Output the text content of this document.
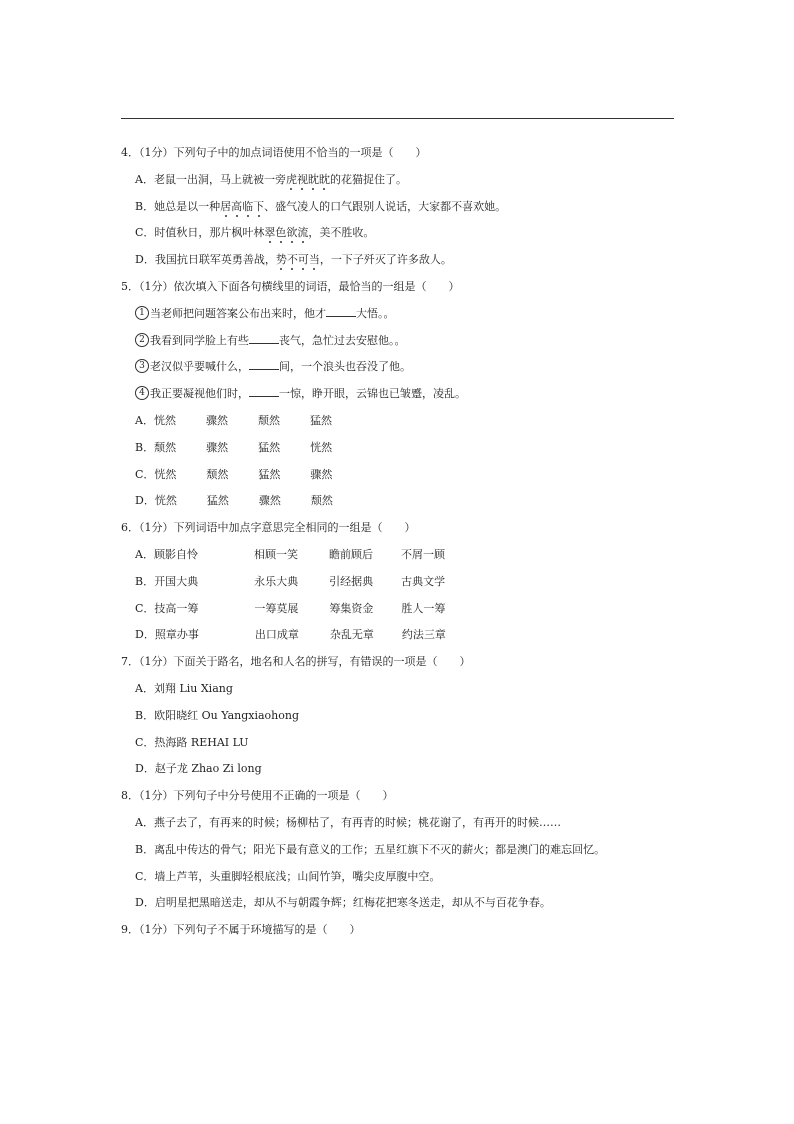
4．（1分）下列句子中的加点词语使用不恰当的一项是（　　）
A．老鼠一出洞，马上就被一旁虎视眈眈的花猫捉住了。
B．她总是以一种居高临下、盛气凌人的口气跟别人说话，大家都不喜欢她。
C．时值秋日，那片枫叶林翠色欲流，美不胜收。
D．我国抗日联军英勇善战，势不可当，一下子歼灭了许多敌人。
5．（1分）依次填入下面各句横线里的词语，最恰当的一组是（　　）
1 当老师把问题答案公布出来时，他才	大悟。。
2 我看到同学脸上有些	丧气，急忙过去安慰他。。
3 老汉似乎要喊什么，	间，一个浪头也吞没了他。
4 我正要凝视他们时，	一惊，睁开眼，云锦也已皱蹙，凌乱。
A．恍然	骤然	颓然	猛然
B．颓然	骤然	猛然	恍然
C．恍然	颓然	猛然	骤然
D．恍然	猛然	骤然	颓然
6．（1分）下列词语中加点字意思完全相同的一组是（　　）
A．顾影自怜	相顾一笑	瞻前顾后	不屑一顾
B．开国大典	永乐大典	引经据典	古典文学
C．技高一筹	一筹莫展	筹集资金	胜人一筹
D．照章办事	出口成章	杂乱无章	约法三章
7．（1分）下面关于路名，地名和人名的拼写，有错误的一项是（　　）
A．刘翔 Liu Xiang
B．欧阳晓红 Ou Yangxiaohong
C．热海路 REHAI LU
D．赵子龙 Zhao Zi long
8．（1分）下列句子中分号使用不正确的一项是（　　）
A．燕子去了，有再来的时候；杨柳枯了，有再青的时候；桃花谢了，有再开的时候……
B．离乱中传达的骨气；阳光下最有意义的工作；五星红旗下不灭的薪火；都是澳门的难忘回忆。
C．墙上芦苇，头重脚轻根底浅；山间竹笋，嘴尖皮厚腹中空。
D．启明星把黑暗送走，却从不与朝霞争辉；红梅花把寒冬送走，却从不与百花争春。
9．（1分）下列句子不属于环境描写的是（　　）
